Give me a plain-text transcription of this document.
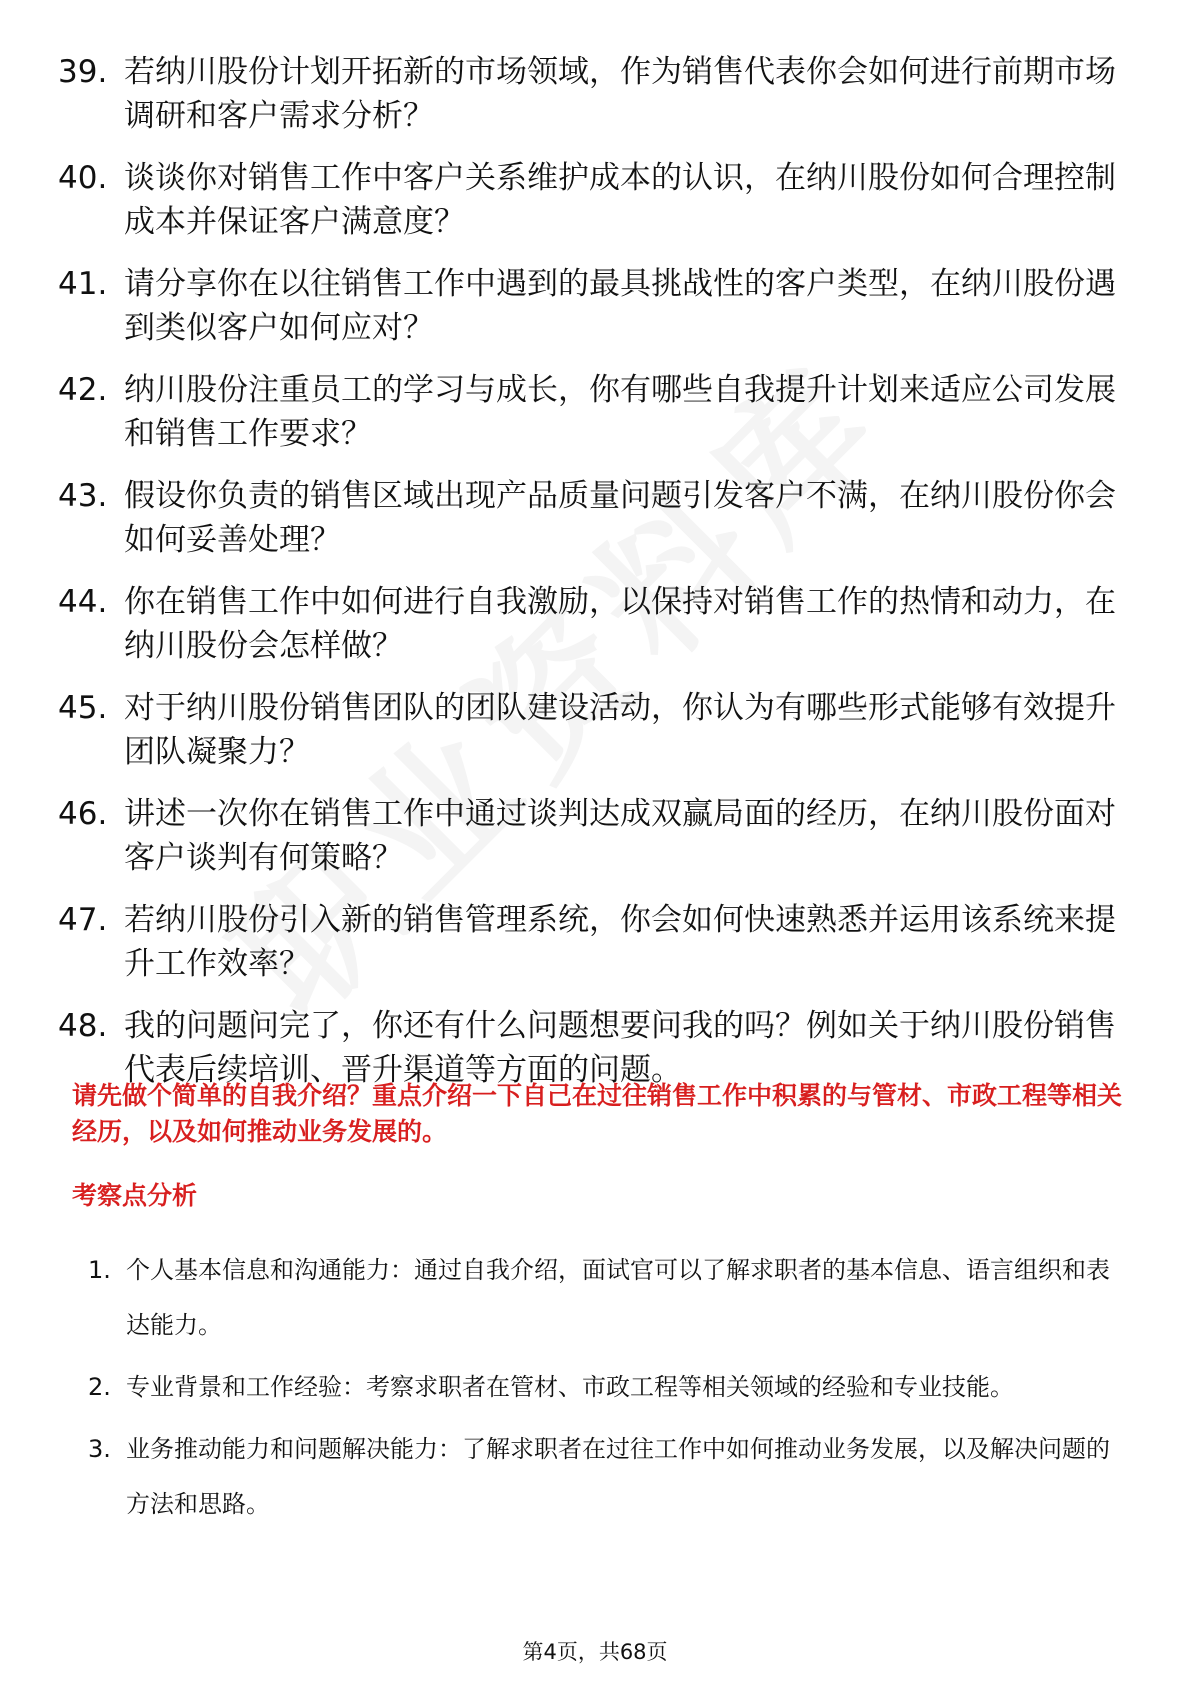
39. 若纳川股份计划开拓新的市场领域，作为销售代表你会如何进行前期市场调研和客户需求分析？
40. 谈谈你对销售工作中客户关系维护成本的认识，在纳川股份如何合理控制成本并保证客户满意度？
41. 请分享你在以往销售工作中遇到的最具挑战性的客户类型，在纳川股份遇到类似客户如何应对？
42. 纳川股份注重员工的学习与成长，你有哪些自我提升计划来适应公司发展和销售工作要求？
43. 假设你负责的销售区域出现产品质量问题引发客户不满，在纳川股份你会如何妥善处理？
44. 你在销售工作中如何进行自我激励，以保持对销售工作的热情和动力，在纳川股份会怎样做？
45. 对于纳川股份销售团队的团队建设活动，你认为有哪些形式能够有效提升团队凝聚力？
46. 讲述一次你在销售工作中通过谈判达成双赢局面的经历，在纳川股份面对客户谈判有何策略？
47. 若纳川股份引入新的销售管理系统，你会如何快速熟悉并运用该系统来提升工作效率？
48. 我的问题问完了，你还有什么问题想要问我的吗？例如关于纳川股份销售代表后续培训、晋升渠道等方面的问题。
请先做个简单的自我介绍？重点介绍一下自己在过往销售工作中积累的与管材、市政工程等相关经历，以及如何推动业务发展的。
考察点分析
1. 个人基本信息和沟通能力：通过自我介绍，面试官可以了解求职者的基本信息、语言组织和表达能力。
2. 专业背景和工作经验：考察求职者在管材、市政工程等相关领域的经验和专业技能。
3. 业务推动能力和问题解决能力：了解求职者在过往工作中如何推动业务发展，以及解决问题的方法和思路。
第4页，共68页
